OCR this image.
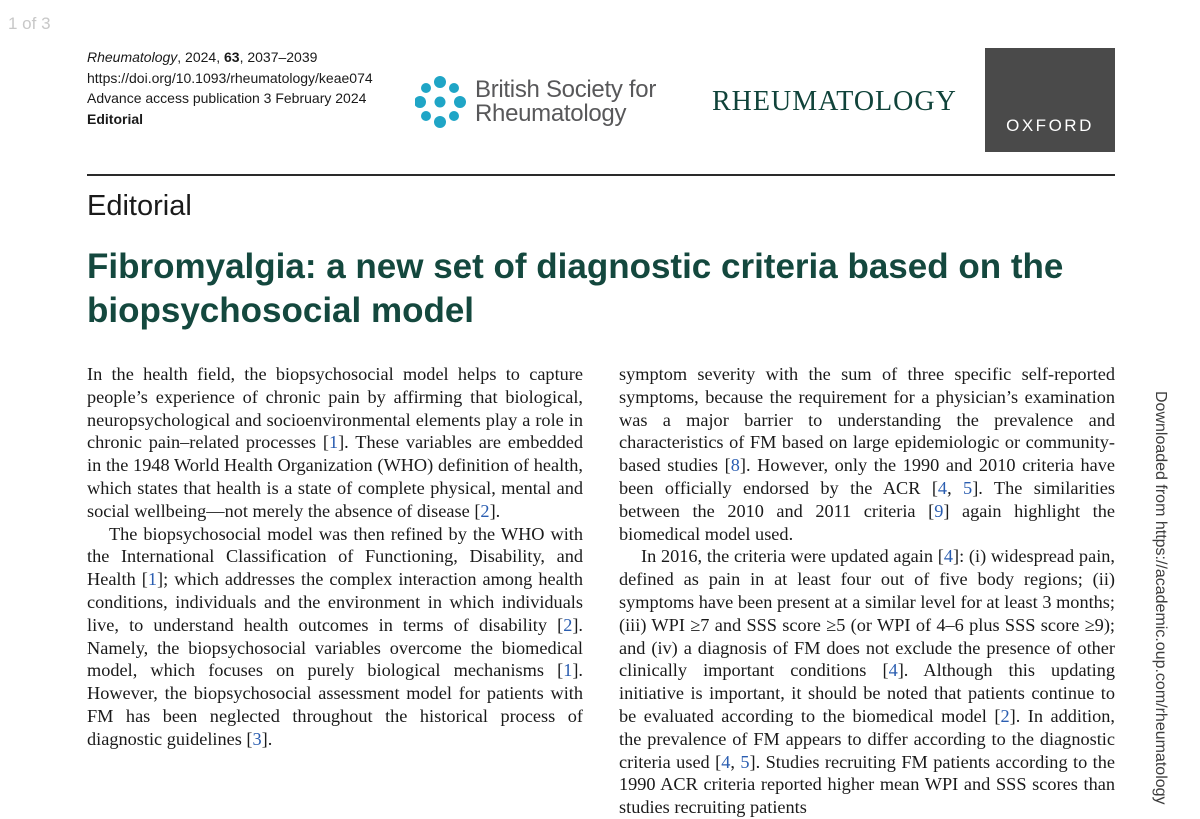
1 of 3
Rheumatology, 2024, 63, 2037–2039
https://doi.org/10.1093/rheumatology/keae074
Advance access publication 3 February 2024
Editorial
British Society for
Rheumatology	RHEUMATOLOGY
OXFORD
Editorial
Fibromyalgia: a new set of diagnostic criteria based on the biopsychosocial model

In the health field, the biopsychosocial model helps to capture people’s experience of chronic pain by affirming that biological, neuropsychological and socioenvironmental elements play a role in chronic pain–related processes [1]. These variables are embedded in the 1948 World Health Organization (WHO) definition of health, which states that health is a state of complete physical, mental and social wellbeing—not merely the absence of disease [2].

The biopsychosocial model was then refined by the WHO with the International Classification of Functioning, Disability, and Health [1]; which addresses the complex interaction among health conditions, individuals and the environment in which individuals live, to understand health outcomes in terms of disability [2]. Namely, the biopsychosocial variables overcome the biomedical model, which focuses on purely biological mechanisms [1]. However, the biopsychosocial assessment model for patients with FM has been neglected throughout the historical process of diagnostic guidelines [3].

symptom severity with the sum of three specific self-reported symptoms, because the requirement for a physician’s examination was a major barrier to understanding the prevalence and characteristics of FM based on large epidemiologic or community-based studies [8]. However, only the 1990 and 2010 criteria have been officially endorsed by the ACR [4, 5]. The similarities between the 2010 and 2011 criteria [9] again highlight the biomedical model used.

In 2016, the criteria were updated again [4]: (i) widespread pain, defined as pain in at least four out of five body regions; (ii) symptoms have been present at a similar level for at least 3 months; (iii) WPI ≥7 and SSS score ≥5 (or WPI of 4–6 plus SSS score ≥9); and (iv) a diagnosis of FM does not exclude the presence of other clinically important conditions [4]. Although this updating initiative is important, it should be noted that patients continue to be evaluated according to the biomedical model [2]. In addition, the prevalence of FM appears to differ according to the diagnostic criteria used [4, 5]. Studies recruiting FM patients according to the 1990 ACR criteria reported higher mean WPI and SSS scores than studies recruiting patients

Downloaded from https://academic.oup.com/rheumatology
